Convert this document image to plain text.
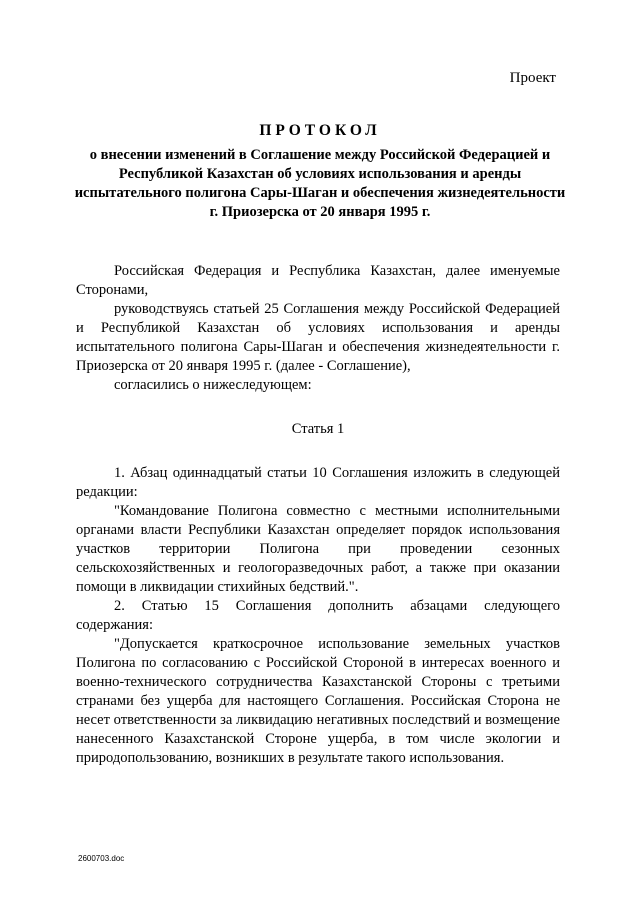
Проект
ПРОТОКОЛ
о внесении изменений в Соглашение между Российской Федерацией и Республикой Казахстан об условиях использования и аренды испытательного полигона Сары-Шаган и обеспечения жизнедеятельности г. Приозерска от 20 января 1995 г.

Российская Федерация и Республика Казахстан, далее именуемые Сторонами,

руководствуясь статьей 25 Соглашения между Российской Федерацией и Республикой Казахстан об условиях использования и аренды испытательного полигона Сары-Шаган и обеспечения жизнедеятельности г. Приозерска от 20 января 1995 г. (далее - Соглашение),

согласились о нижеследующем:

Статья 1

1. Абзац одиннадцатый статьи 10 Соглашения изложить в следующей редакции:

"Командование Полигона совместно с местными исполнительными органами власти Республики Казахстан определяет порядок использования участков территории Полигона при проведении сезонных сельскохозяйственных и геологоразведочных работ, а также при оказании помощи в ликвидации стихийных бедствий.".

2. Статью 15 Соглашения дополнить абзацами следующего содержания:

"Допускается краткосрочное использование земельных участков Полигона по согласованию с Российской Стороной в интересах военного и военно-технического сотрудничества Казахстанской Стороны с третьими странами без ущерба для настоящего Соглашения. Российская Сторона не несет ответственности за ликвидацию негативных последствий и возмещение нанесенного Казахстанской Стороне ущерба, в том числе экологии и природопользованию, возникших в результате такого использования.

2600703.doc
